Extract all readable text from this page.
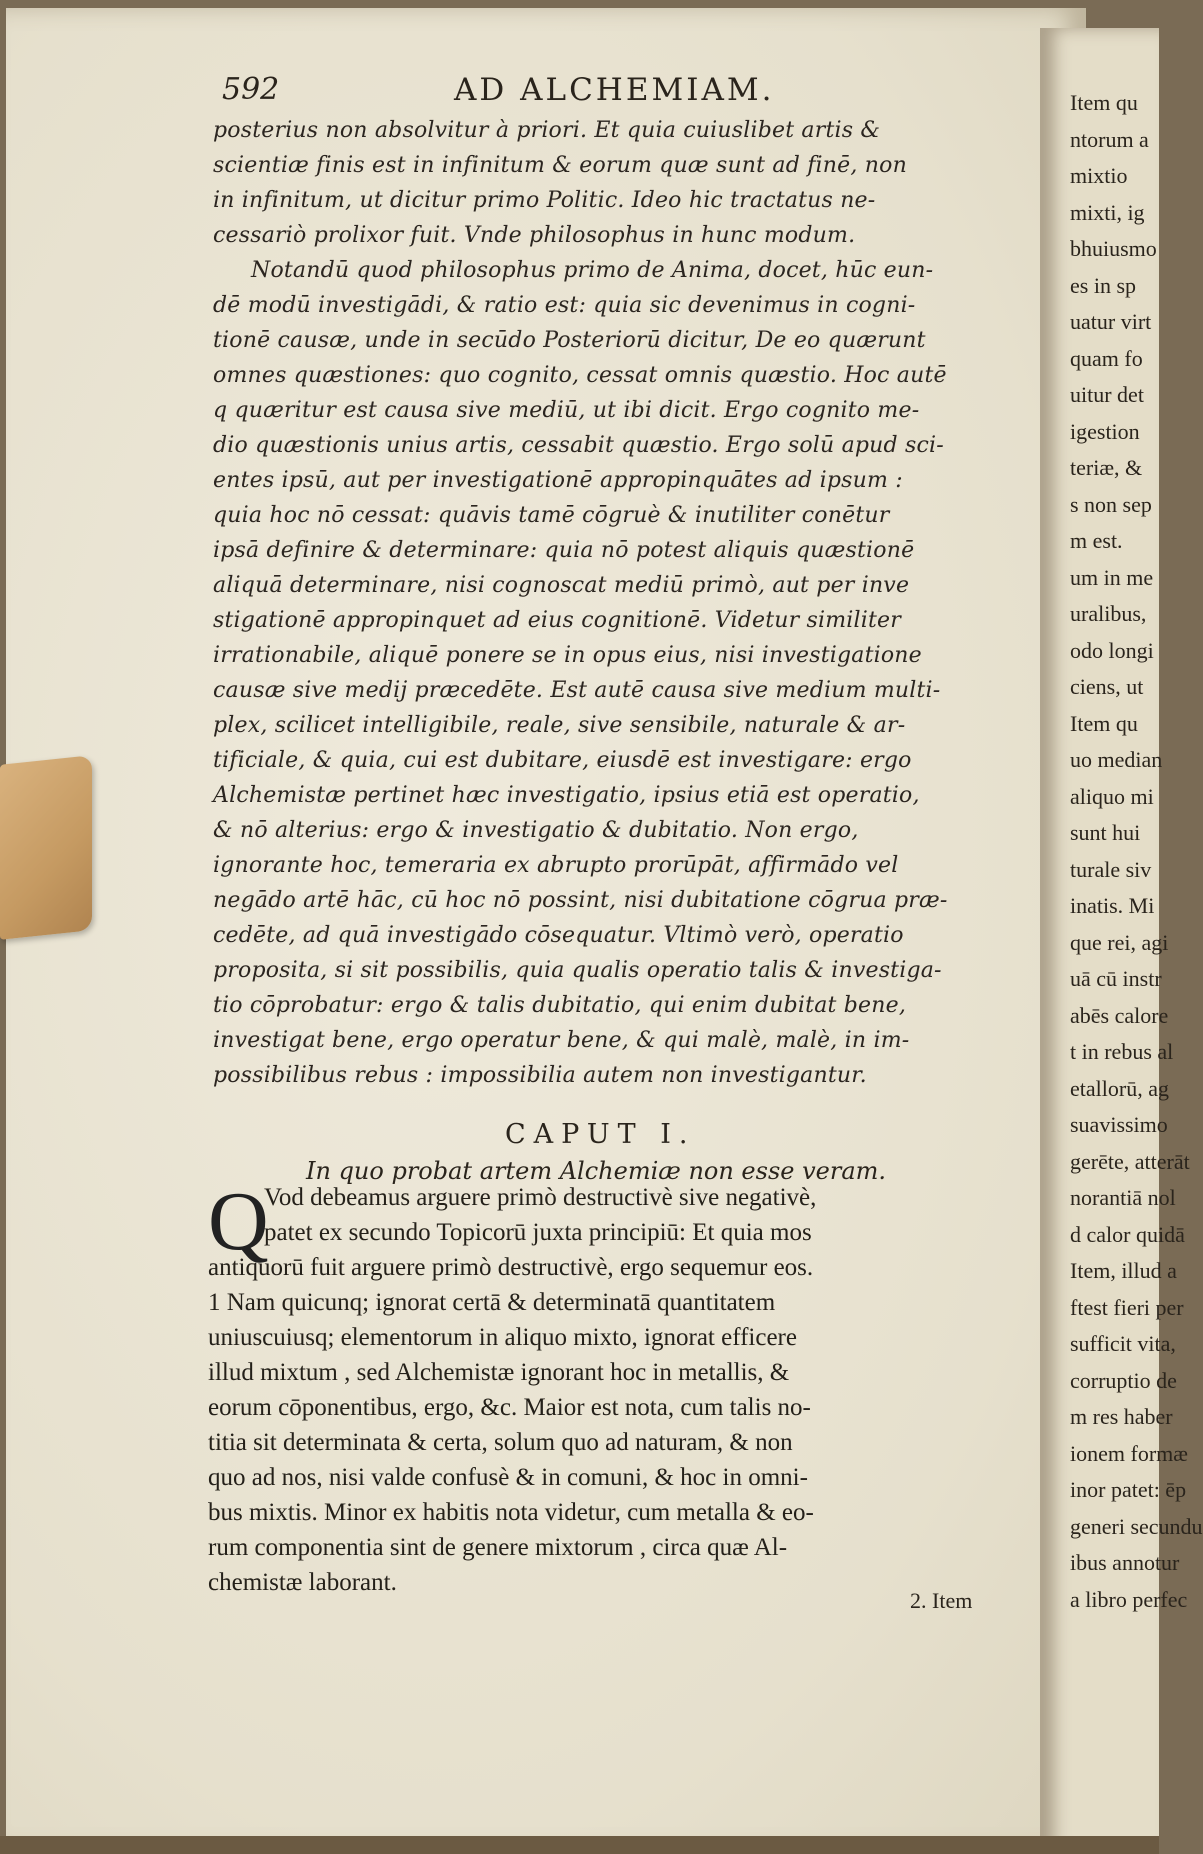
Item qu
ntorum a
mixtio
mixti, ig
bhuiusmo
es in sp
uatur virt
quam fo
uitur det
igestion
teriæ, &
s non sep
m est.
um in me
uralibus,
odo longi
ciens, ut
Item qu
uo median
aliquo mi
sunt hui
turale siv
inatis. Mi
que rei, agi
uā cū instr
abēs calore
t in rebus al
etallorū, ag
suavissimo
gerēte, atterāt
norantiā nol
d calor quidā
Item, illud a
ftest fieri per
sufficit vita,
corruptio de
m res haber
ionem formæ
inor patet: ēp
generi secundu
ibus annotur
a libro perfec
592	AD ALCHEMIAM.
posterius non absolvitur à priori. Et quia cuiuslibet artis &
scientiæ finis est in infinitum & eorum quæ sunt ad finē, non
in infinitum, ut dicitur primo Politic. Ideo hic tractatus ne-
cessariò prolixor fuit. Vnde philosophus in hunc modum.
Notandū quod philosophus primo de Anima, docet, hūc eun-
dē modū investigādi, & ratio est: quia sic devenimus in cogni-
tionē causæ, unde in secūdo Posteriorū dicitur, De eo quærunt
omnes quæstiones: quo cognito, cessat omnis quæstio. Hoc autē
q quæritur est causa sive mediū, ut ibi dicit. Ergo cognito me-
dio quæstionis unius artis, cessabit quæstio. Ergo solū apud sci-
entes ipsū, aut per investigationē appropinquātes ad ipsum :
quia hoc nō cessat: quāvis tamē cōgruè & inutiliter conētur
ipsā definire & determinare: quia nō potest aliquis quæstionē
aliquā determinare, nisi cognoscat mediū primò, aut per inve
stigationē appropinquet ad eius cognitionē. Videtur similiter
irrationabile, aliquē ponere se in opus eius, nisi investigatione
causæ sive medij præcedēte. Est autē causa sive medium multi-
plex, scilicet intelligibile, reale, sive sensibile, naturale & ar-
tificiale, & quia, cui est dubitare, eiusdē est investigare: ergo
Alchemistæ pertinet hæc investigatio, ipsius etiā est operatio,
& nō alterius: ergo & investigatio & dubitatio. Non ergo,
ignorante hoc, temeraria ex abrupto prorūpāt, affirmādo vel
negādo artē hāc, cū hoc nō possint, nisi dubitatione cōgrua præ-
cedēte, ad quā investigādo cōsequatur. Vltimò verò, operatio
proposita, si sit possibilis, quia qualis operatio talis & investiga-
tio cōprobatur: ergo & talis dubitatio, qui enim dubitat bene,
investigat bene, ergo operatur bene, & qui malè, malè, in im-
possibilibus rebus : impossibilia autem non investigantur.
CAPUT I.
In quo probat artem Alchemiæ non esse veram.
Q
Vod debeamus arguere primò destructivè sive negativè,
patet ex secundo Topicorū juxta principiū: Et quia mos
antiquorū fuit arguere primò destructivè, ergo sequemur eos.
1 Nam quicunq; ignorat certā & determinatā quantitatem
uniuscuiusq; elementorum in aliquo mixto, ignorat efficere
illud mixtum , sed Alchemistæ ignorant hoc in metallis, &
eorum cōponentibus, ergo, &c. Maior est nota, cum talis no-
titia sit determinata & certa, solum quo ad naturam, & non
quo ad nos, nisi valde confusè & in comuni, & hoc in omni-
bus mixtis. Minor ex habitis nota videtur, cum metalla & eo-
rum componentia sint de genere mixtorum , circa quæ Al-
chemistæ laborant.
2. Item
